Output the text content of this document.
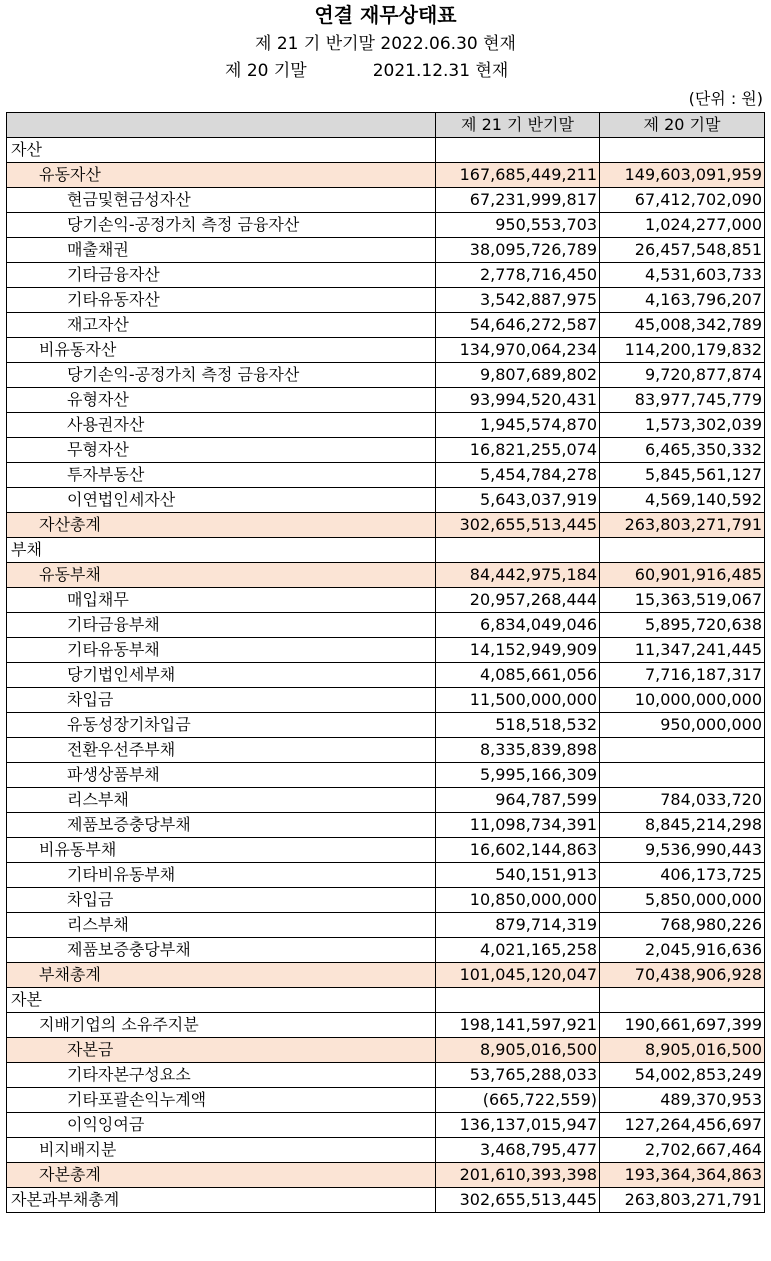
연결 재무상태표
제 21 기 반기말 2022.06.30 현재
제 20 기말	2021.12.31 현재
(단위 : 원)
	제 21 기 반기말	제 20 기말
자산		
유동자산	167,685,449,211	149,603,091,959
현금및현금성자산	67,231,999,817	67,412,702,090
당기손익-공정가치 측정 금융자산	950,553,703	1,024,277,000
매출채권	38,095,726,789	26,457,548,851
기타금융자산	2,778,716,450	4,531,603,733
기타유동자산	3,542,887,975	4,163,796,207
재고자산	54,646,272,587	45,008,342,789
비유동자산	134,970,064,234	114,200,179,832
당기손익-공정가치 측정 금융자산	9,807,689,802	9,720,877,874
유형자산	93,994,520,431	83,977,745,779
사용권자산	1,945,574,870	1,573,302,039
무형자산	16,821,255,074	6,465,350,332
투자부동산	5,454,784,278	5,845,561,127
이연법인세자산	5,643,037,919	4,569,140,592
자산총계	302,655,513,445	263,803,271,791
부채		
유동부채	84,442,975,184	60,901,916,485
매입채무	20,957,268,444	15,363,519,067
기타금융부채	6,834,049,046	5,895,720,638
기타유동부채	14,152,949,909	11,347,241,445
당기법인세부채	4,085,661,056	7,716,187,317
차입금	11,500,000,000	10,000,000,000
유동성장기차입금	518,518,532	950,000,000
전환우선주부채	8,335,839,898	
파생상품부채	5,995,166,309	
리스부채	964,787,599	784,033,720
제품보증충당부채	11,098,734,391	8,845,214,298
비유동부채	16,602,144,863	9,536,990,443
기타비유동부채	540,151,913	406,173,725
차입금	10,850,000,000	5,850,000,000
리스부채	879,714,319	768,980,226
제품보증충당부채	4,021,165,258	2,045,916,636
부채총계	101,045,120,047	70,438,906,928
자본		
지배기업의 소유주지분	198,141,597,921	190,661,697,399
자본금	8,905,016,500	8,905,016,500
기타자본구성요소	53,765,288,033	54,002,853,249
기타포괄손익누계액	(665,722,559)	489,370,953
이익잉여금	136,137,015,947	127,264,456,697
비지배지분	3,468,795,477	2,702,667,464
자본총계	201,610,393,398	193,364,364,863
자본과부채총계	302,655,513,445	263,803,271,791
